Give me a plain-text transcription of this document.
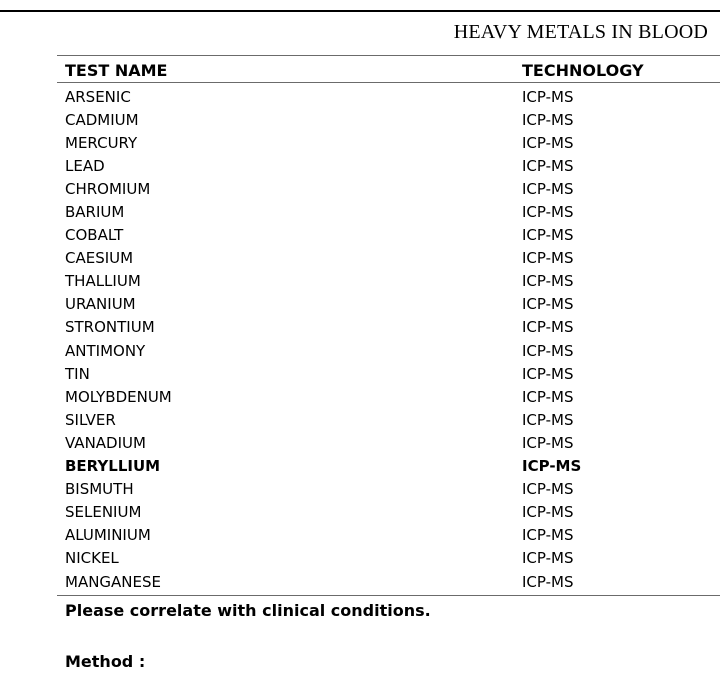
HEAVY METALS IN BLOOD
TEST NAME	TECHNOLOGY
ARSENIC	ICP-MS
CADMIUM	ICP-MS
MERCURY	ICP-MS
LEAD	ICP-MS
CHROMIUM	ICP-MS
BARIUM	ICP-MS
COBALT	ICP-MS
CAESIUM	ICP-MS
THALLIUM	ICP-MS
URANIUM	ICP-MS
STRONTIUM	ICP-MS
ANTIMONY	ICP-MS
TIN	ICP-MS
MOLYBDENUM	ICP-MS
SILVER	ICP-MS
VANADIUM	ICP-MS
BERYLLIUM	ICP-MS
BISMUTH	ICP-MS
SELENIUM	ICP-MS
ALUMINIUM	ICP-MS
NICKEL	ICP-MS
MANGANESE	ICP-MS
Please correlate with clinical conditions.
Method :
